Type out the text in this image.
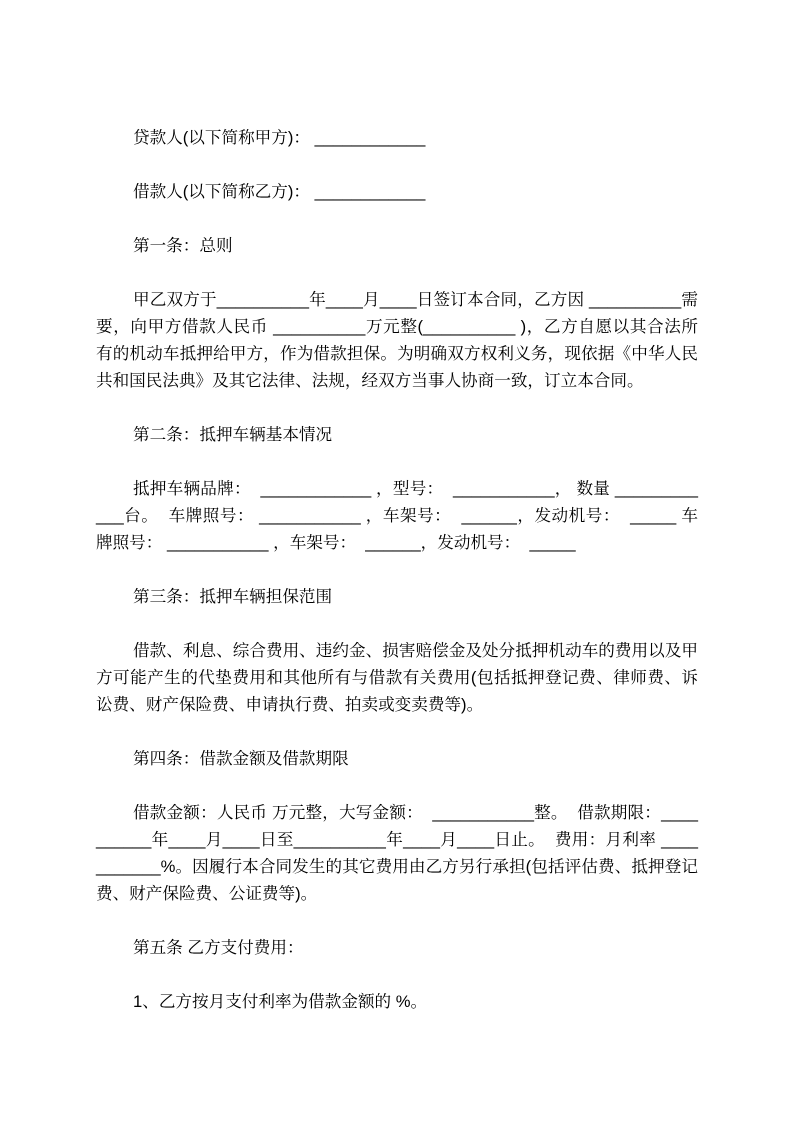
贷款人(以下简称甲方)： ____________

借款人(以下简称乙方)： ____________

第一条：总则

甲乙双方于__________年____月____日签订本合同，乙方因 __________需要，向甲方借款人民币 __________万元整(__________ )，乙方自愿以其合法所有的机动车抵押给甲方，作为借款担保。为明确双方权利义务，现依据《中华人民共和国民法典》及其它法律、法规，经双方当事人协商一致，订立本合同。

第二条：抵押车辆基本情况

抵押车辆品牌：  ____________ ，型号：  ___________， 数量 ____________台。  车牌照号： ___________ ，车架号：  ______，发动机号：  _____ 车牌照号： ___________ ，车架号：  ______，发动机号：  _____

第三条：抵押车辆担保范围

借款、利息、综合费用、违约金、损害赔偿金及处分抵押机动车的费用以及甲方可能产生的代垫费用和其他所有与借款有关费用(包括抵押登记费、律师费、诉讼费、财产保险费、申请执行费、拍卖或变卖费等)。

第四条：借款金额及借款期限

借款金额：人民币 万元整，大写金额：  ___________整。  借款期限：__________年____月____日至__________年____月____日止。  费用：月利率 ___________%。因履行本合同发生的其它费用由乙方另行承担(包括评估费、抵押登记费、财产保险费、公证费等)。

第五条 乙方支付费用：

1、乙方按月支付利率为借款金额的 %。
